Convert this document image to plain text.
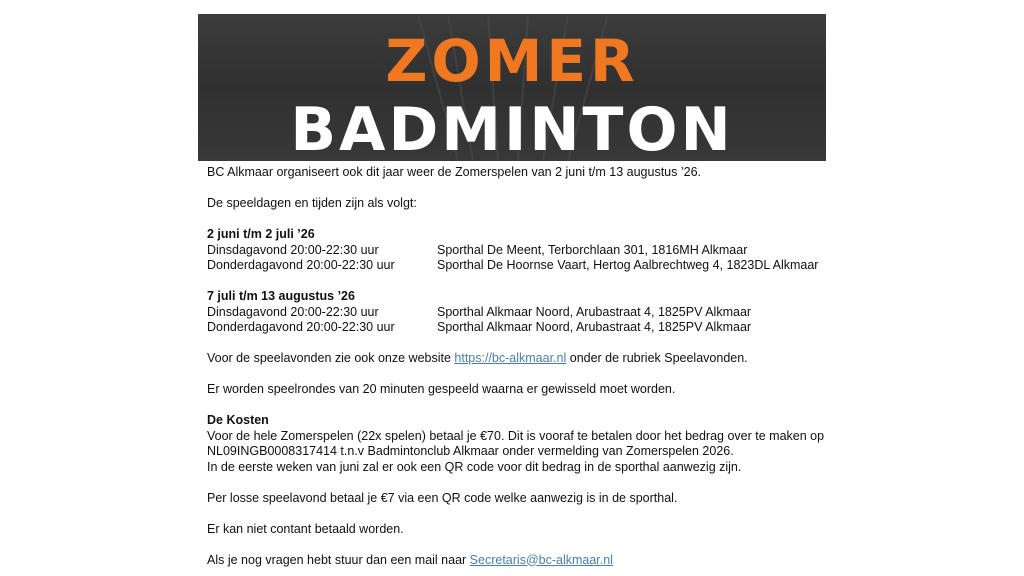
ZOMER
BADMINTON

BC Alkmaar organiseert ook dit jaar weer de Zomerspelen van 2 juni t/m 13 augustus ’26.

De speeldagen en tijden zijn als volgt:

2 juni t/m 2 juli ’26

Dinsdagavond 20:00-22:30 uur	Sporthal De Meent, Terborchlaan 301, 1816MH Alkmaar
Donderdagavond 20:00-22:30 uur	Sporthal De Hoornse Vaart, Hertog Aalbrechtweg 4, 1823DL Alkmaar

7 juli t/m 13 augustus ’26

Dinsdagavond 20:00-22:30 uur	Sporthal Alkmaar Noord, Arubastraat 4, 1825PV Alkmaar
Donderdagavond 20:00-22:30 uur	Sporthal Alkmaar Noord, Arubastraat 4, 1825PV Alkmaar

Voor de speelavonden zie ook onze website https://bc-alkmaar.nl onder de rubriek Speelavonden.

Er worden speelrondes van 20 minuten gespeeld waarna er gewisseld moet worden.

De Kosten

Voor de hele Zomerspelen (22x spelen) betaal je €70. Dit is vooraf te betalen door het bedrag over te maken op

NL09INGB0008317414 t.n.v Badmintonclub Alkmaar onder vermelding van Zomerspelen 2026.

In de eerste weken van juni zal er ook een QR code voor dit bedrag in de sporthal aanwezig zijn.

Per losse speelavond betaal je €7 via een QR code welke aanwezig is in de sporthal.

Er kan niet contant betaald worden.

Als je nog vragen hebt stuur dan een mail naar Secretaris@bc-alkmaar.nl
